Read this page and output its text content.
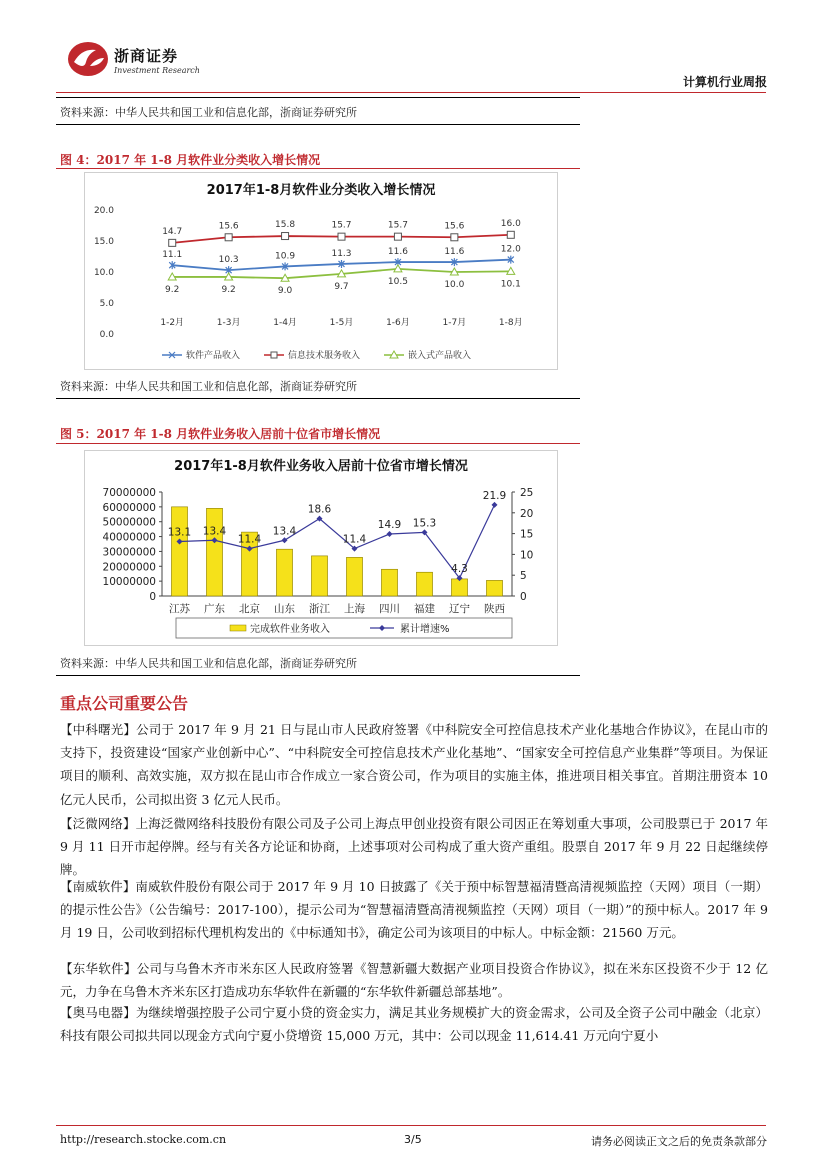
浙商证券
Investment Research
计算机行业周报
资料来源：中华人民共和国工业和信息化部，浙商证券研究所
图 4：2017 年 1-8 月软件业分类收入增长情况
2017年1-8月软件业分类收入增长情况
0.0
5.0
10.0
15.0
20.0
1-2月	1-3月	1-4月	1-5月	1-6月	1-7月	1-8月
11.1	10.3	10.9	11.3	11.6	11.6	12.0
14.7
15.6	15.8	15.7	15.7	15.6	16.0
9.2	9.2	9.0	9.7	10.5	10.0	10.1
软件产品收入	信息技术服务收入	嵌入式产品收入
资料来源：中华人民共和国工业和信息化部，浙商证券研究所
图 5：2017 年 1-8 月软件业务收入居前十位省市增长情况
2017年1-8月软件业务收入居前十位省市增长情况
0
10000000
20000000
30000000
40000000
50000000
60000000
70000000
0
5
10
15
20
25
江苏 广东 北京 山东 浙江 上海 四川 福建 辽宁 陕西
13.1 13.4
11.4
13.4
18.6
11.4
14.9 15.3
4.3
21.9
完成软件业务收入	累计增速%
资料来源：中华人民共和国工业和信息化部，浙商证券研究所
重点公司重要公告
【中科曙光】公司于 2017 年 9 月 21 日与昆山市人民政府签署《中科院安全可控信息技术产业化基地合作协议》，在昆山市的支持下，投资建设“国家产业创新中心”、“中科院安全可控信息技术产业化基地”、“国家安全可控信息产业集群”等项目。为保证项目的顺利、高效实施，双方拟在昆山市合作成立一家合资公司，作为项目的实施主体，推进项目相关事宜。首期注册资本 10 亿元人民币，公司拟出资 3 亿元人民币。
【泛微网络】上海泛微网络科技股份有限公司及子公司上海点甲创业投资有限公司因正在筹划重大事项，公司股票已于 2017 年 9 月 11 日开市起停牌。经与有关各方论证和协商，上述事项对公司构成了重大资产重组。股票自 2017 年 9 月 22 日起继续停牌。
【南威软件】南威软件股份有限公司于 2017 年 9 月 10 日披露了《关于预中标智慧福清暨高清视频监控（天网）项目（一期）的提示性公告》（公告编号：2017-100），提示公司为“智慧福清暨高清视频监控（天网）项目（一期）”的预中标人。2017 年 9 月 19 日，公司收到招标代理机构发出的《中标通知书》，确定公司为该项目的中标人。中标金额：21560 万元。
【东华软件】公司与乌鲁木齐市米东区人民政府签署《智慧新疆大数据产业项目投资合作协议》，拟在米东区投资不少于 12 亿元，力争在乌鲁木齐米东区打造成功东华软件在新疆的“东华软件新疆总部基地”。
【奥马电器】为继续增强控股子公司宁夏小贷的资金实力，满足其业务规模扩大的资金需求，公司及全资子公司中融金（北京）科技有限公司拟共同以现金方式向宁夏小贷增资 15,000 万元，其中：公司以现金 11,614.41 万元向宁夏小
http://research.stocke.com.cn	3/5	请务必阅读正文之后的免责条款部分
